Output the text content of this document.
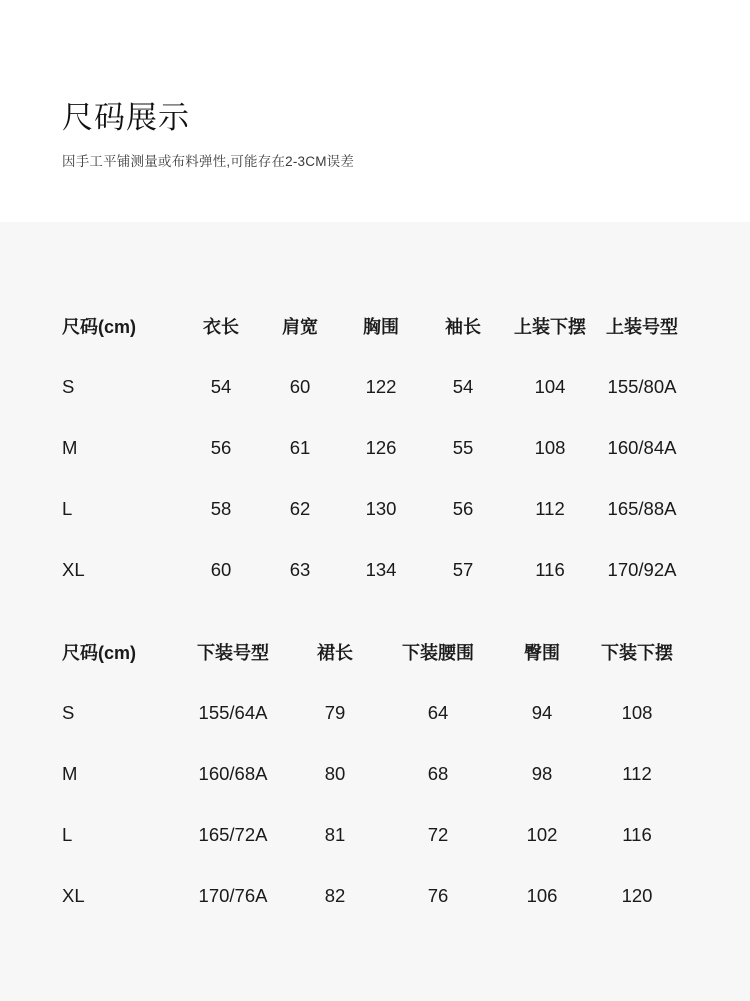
尺码展示
因手工平铺测量或布料弹性,可能存在2-3CM误差
尺码(cm)	衣长	肩宽	胸围	袖长	上装下摆	上装号型
S	54	60	122	54	104	155/80A
M	56	61	126	55	108	160/84A
L	58	62	130	56	112	165/88A
XL	60	63	134	57	116	170/92A
尺码(cm)	下装号型	裙长	下装腰围	臀围	下装下摆
S	155/64A	79	64	94	108
M	160/68A	80	68	98	112
L	165/72A	81	72	102	116
XL	170/76A	82	76	106	120
